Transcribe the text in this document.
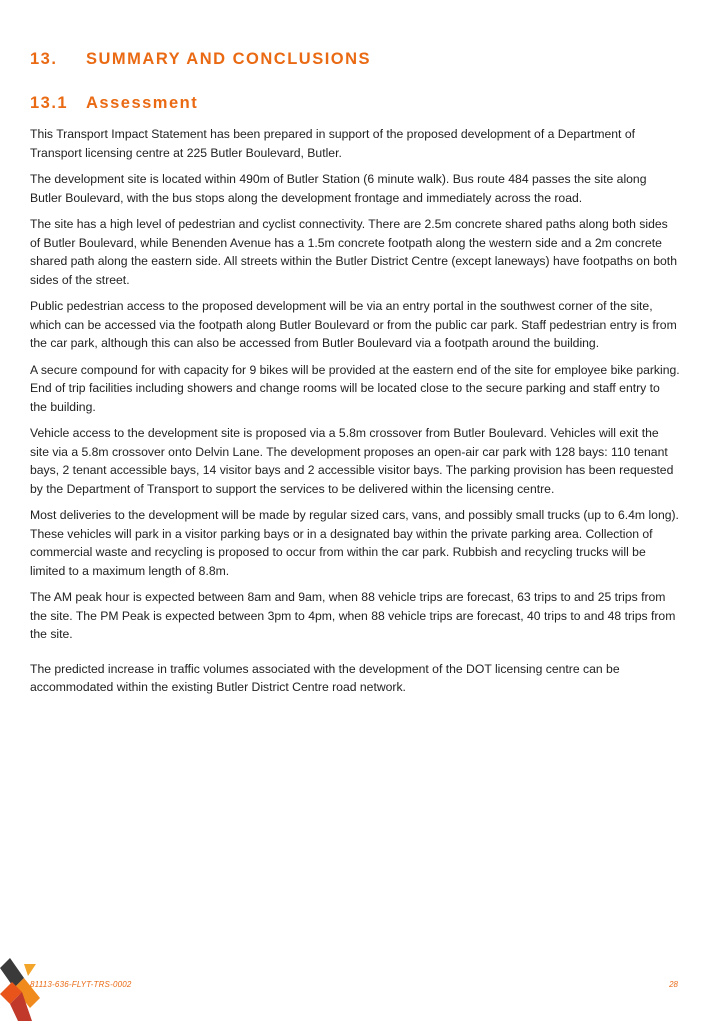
13. SUMMARY AND CONCLUSIONS
13.1 Assessment

This Transport Impact Statement has been prepared in support of the proposed development of a Department of Transport licensing centre at 225 Butler Boulevard, Butler.

The development site is located within 490m of Butler Station (6 minute walk). Bus route 484 passes the site along Butler Boulevard, with the bus stops along the development frontage and immediately across the road.

The site has a high level of pedestrian and cyclist connectivity. There are 2.5m concrete shared paths along both sides of Butler Boulevard, while Benenden Avenue has a 1.5m concrete footpath along the western side and a 2m concrete shared path along the eastern side. All streets within the Butler District Centre (except laneways) have footpaths on both sides of the street.

Public pedestrian access to the proposed development will be via an entry portal in the southwest corner of the site, which can be accessed via the footpath along Butler Boulevard or from the public car park. Staff pedestrian entry is from the car park, although this can also be accessed from Butler Boulevard via a footpath around the building.

A secure compound for with capacity for 9 bikes will be provided at the eastern end of the site for employee bike parking. End of trip facilities including showers and change rooms will be located close to the secure parking and staff entry to the building.

Vehicle access to the development site is proposed via a 5.8m crossover from Butler Boulevard. Vehicles will exit the site via a 5.8m crossover onto Delvin Lane. The development proposes an open-air car park with 128 bays: 110 tenant bays, 2 tenant accessible bays, 14 visitor bays and 2 accessible visitor bays. The parking provision has been requested by the Department of Transport to support the services to be delivered within the licensing centre.

Most deliveries to the development will be made by regular sized cars, vans, and possibly small trucks (up to 6.4m long). These vehicles will park in a visitor parking bays or in a designated bay within the private parking area. Collection of commercial waste and recycling is proposed to occur from within the car park. Rubbish and recycling trucks will be limited to a maximum length of 8.8m.

The AM peak hour is expected between 8am and 9am, when 88 vehicle trips are forecast, 63 trips to and 25 trips from the site. The PM Peak is expected between 3pm to 4pm, when 88 vehicle trips are forecast, 40 trips to and 48 trips from the site.

The predicted increase in traffic volumes associated with the development of the DOT licensing centre can be accommodated within the existing Butler District Centre road network.

81113-636-FLYT-TRS-0002	28
